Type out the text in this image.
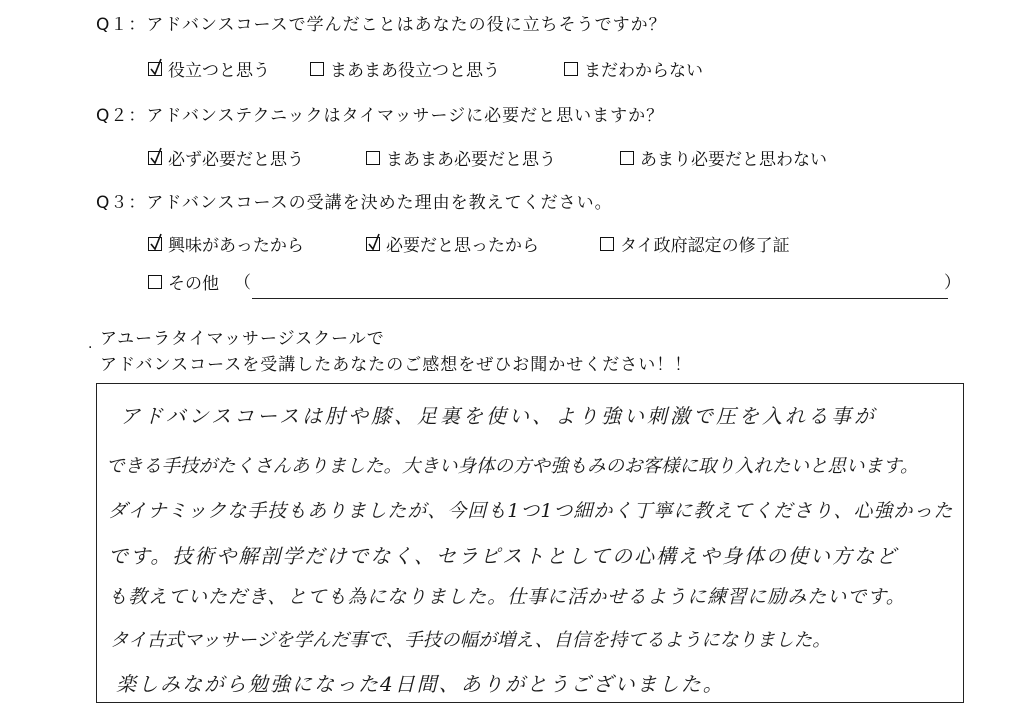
Q１：アドバンスコースで学んだことはあなたの役に立ちそうですか？
役立つと思う	まあまあ役立つと思う	まだわからない
Q２：アドバンステクニックはタイマッサージに必要だと思いますか？
必ず必要だと思う	まあまあ必要だと思う	あまり必要だと思わない
Q３：アドバンスコースの受講を決めた理由を教えてください。
興味があったから	必要だと思ったから	タイ政府認定の修了証
その他 （	）
. アユーラタイマッサージスクールで
アドバンスコースを受講したあなたのご感想をぜひお聞かせください！！
アドバンスコースは肘や膝、足裏を使い、より強い刺激で圧を入れる事が
できる手技がたくさんありました。大きい身体の方や強もみのお客様に取り入れたいと思います。
ダイナミックな手技もありましたが、今回も1つ1つ細かく丁寧に教えてくださり、心強かった
です。技術や解剖学だけでなく、セラピストとしての心構えや身体の使い方など
も教えていただき、とても為になりました。仕事に活かせるように練習に励みたいです。
タイ古式マッサージを学んだ事で、手技の幅が増え、自信を持てるようになりました。
楽しみながら勉強になった4日間、ありがとうございました。
